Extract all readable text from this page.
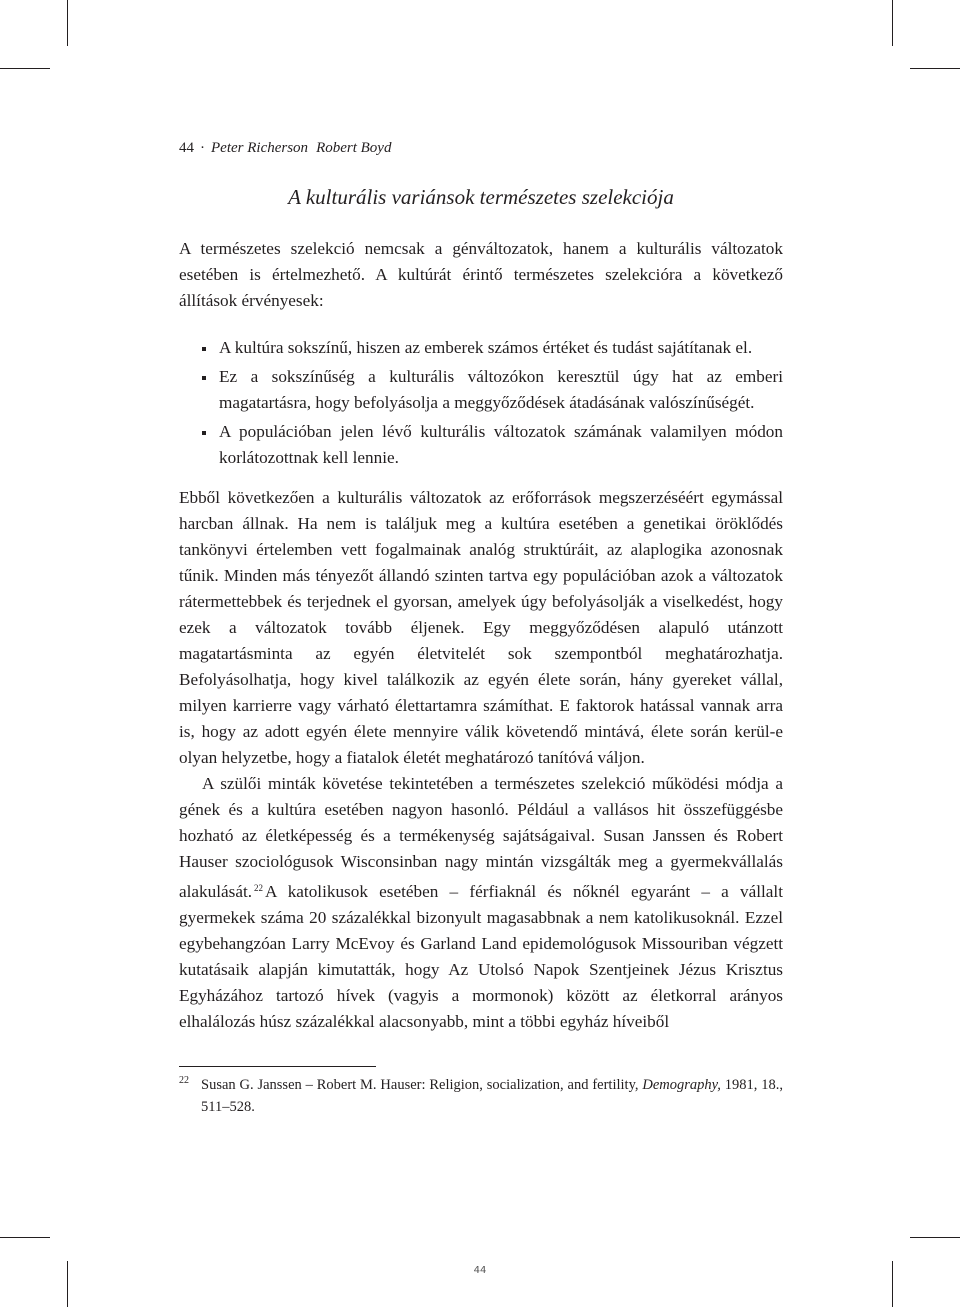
44 · Peter Richerson Robert Boyd
A kulturális variánsok természetes szelekciója

A természetes szelekció nemcsak a génváltozatok, hanem a kulturális változatok esetében is értelmezhető. A kultúrát érintő természetes szelekcióra a következő állítások érvényesek:

A kultúra sokszínű, hiszen az emberek számos értéket és tudást sajátítanak el.
Ez a sokszínűség a kulturális változókon keresztül úgy hat az emberi magatartásra, hogy befolyásolja a meggyőződések átadásának valószínűségét.
A populációban jelen lévő kulturális változatok számának valamilyen módon korlátozottnak kell lennie.

Ebből következően a kulturális változatok az erőforrások megszerzéséért egymással harcban állnak. Ha nem is találjuk meg a kultúra esetében a genetikai öröklődés tankönyvi értelemben vett fogalmainak analóg struktúráit, az alaplogika azonosnak tűnik. Minden más tényezőt állandó szinten tartva egy populációban azok a változatok rátermettebbek és terjednek el gyorsan, amelyek úgy befolyásolják a viselkedést, hogy ezek a változatok tovább éljenek. Egy meggyőződésen alapuló utánzott magatartásminta az egyén életvitelét sok szempontból meghatározhatja. Befolyásolhatja, hogy kivel találkozik az egyén élete során, hány gyereket vállal, milyen karrierre vagy várható élettartamra számíthat. E faktorok hatással vannak arra is, hogy az adott egyén élete mennyire válik követendő mintává, élete során kerül-e olyan helyzetbe, hogy a fiatalok életét meghatározó tanítóvá váljon.

A szülői minták követése tekintetében a természetes szelekció működési módja a gének és a kultúra esetében nagyon hasonló. Például a vallásos hit összefüggésbe hozható az életképesség és a termékenység sajátságaival. Susan Janssen és Robert Hauser szociológusok Wisconsinban nagy mintán vizsgálták meg a gyermekvállalás alakulását. $^{22}$ A katolikusok esetében – férfiaknál és nőknél egyaránt – a vállalt gyermekek száma 20 százalékkal bizonyult magasabbnak a nem katolikusoknál. Ezzel egybehangzóan Larry McEvoy és Garland Land epidemológusok Missouriban végzett kutatásaik alapján kimutatták, hogy Az Utolsó Napok Szentjeinek Jézus Krisztus Egyházához tartozó hívek (vagyis a mormonok) között az életkorral arányos elhalálozás húsz százalékkal alacsonyabb, mint a többi egyház híveiből

22 Susan G. Janssen – Robert M. Hauser: Religion, socialization, and fertility, Demography, 1981, 18., 511–528.
44
